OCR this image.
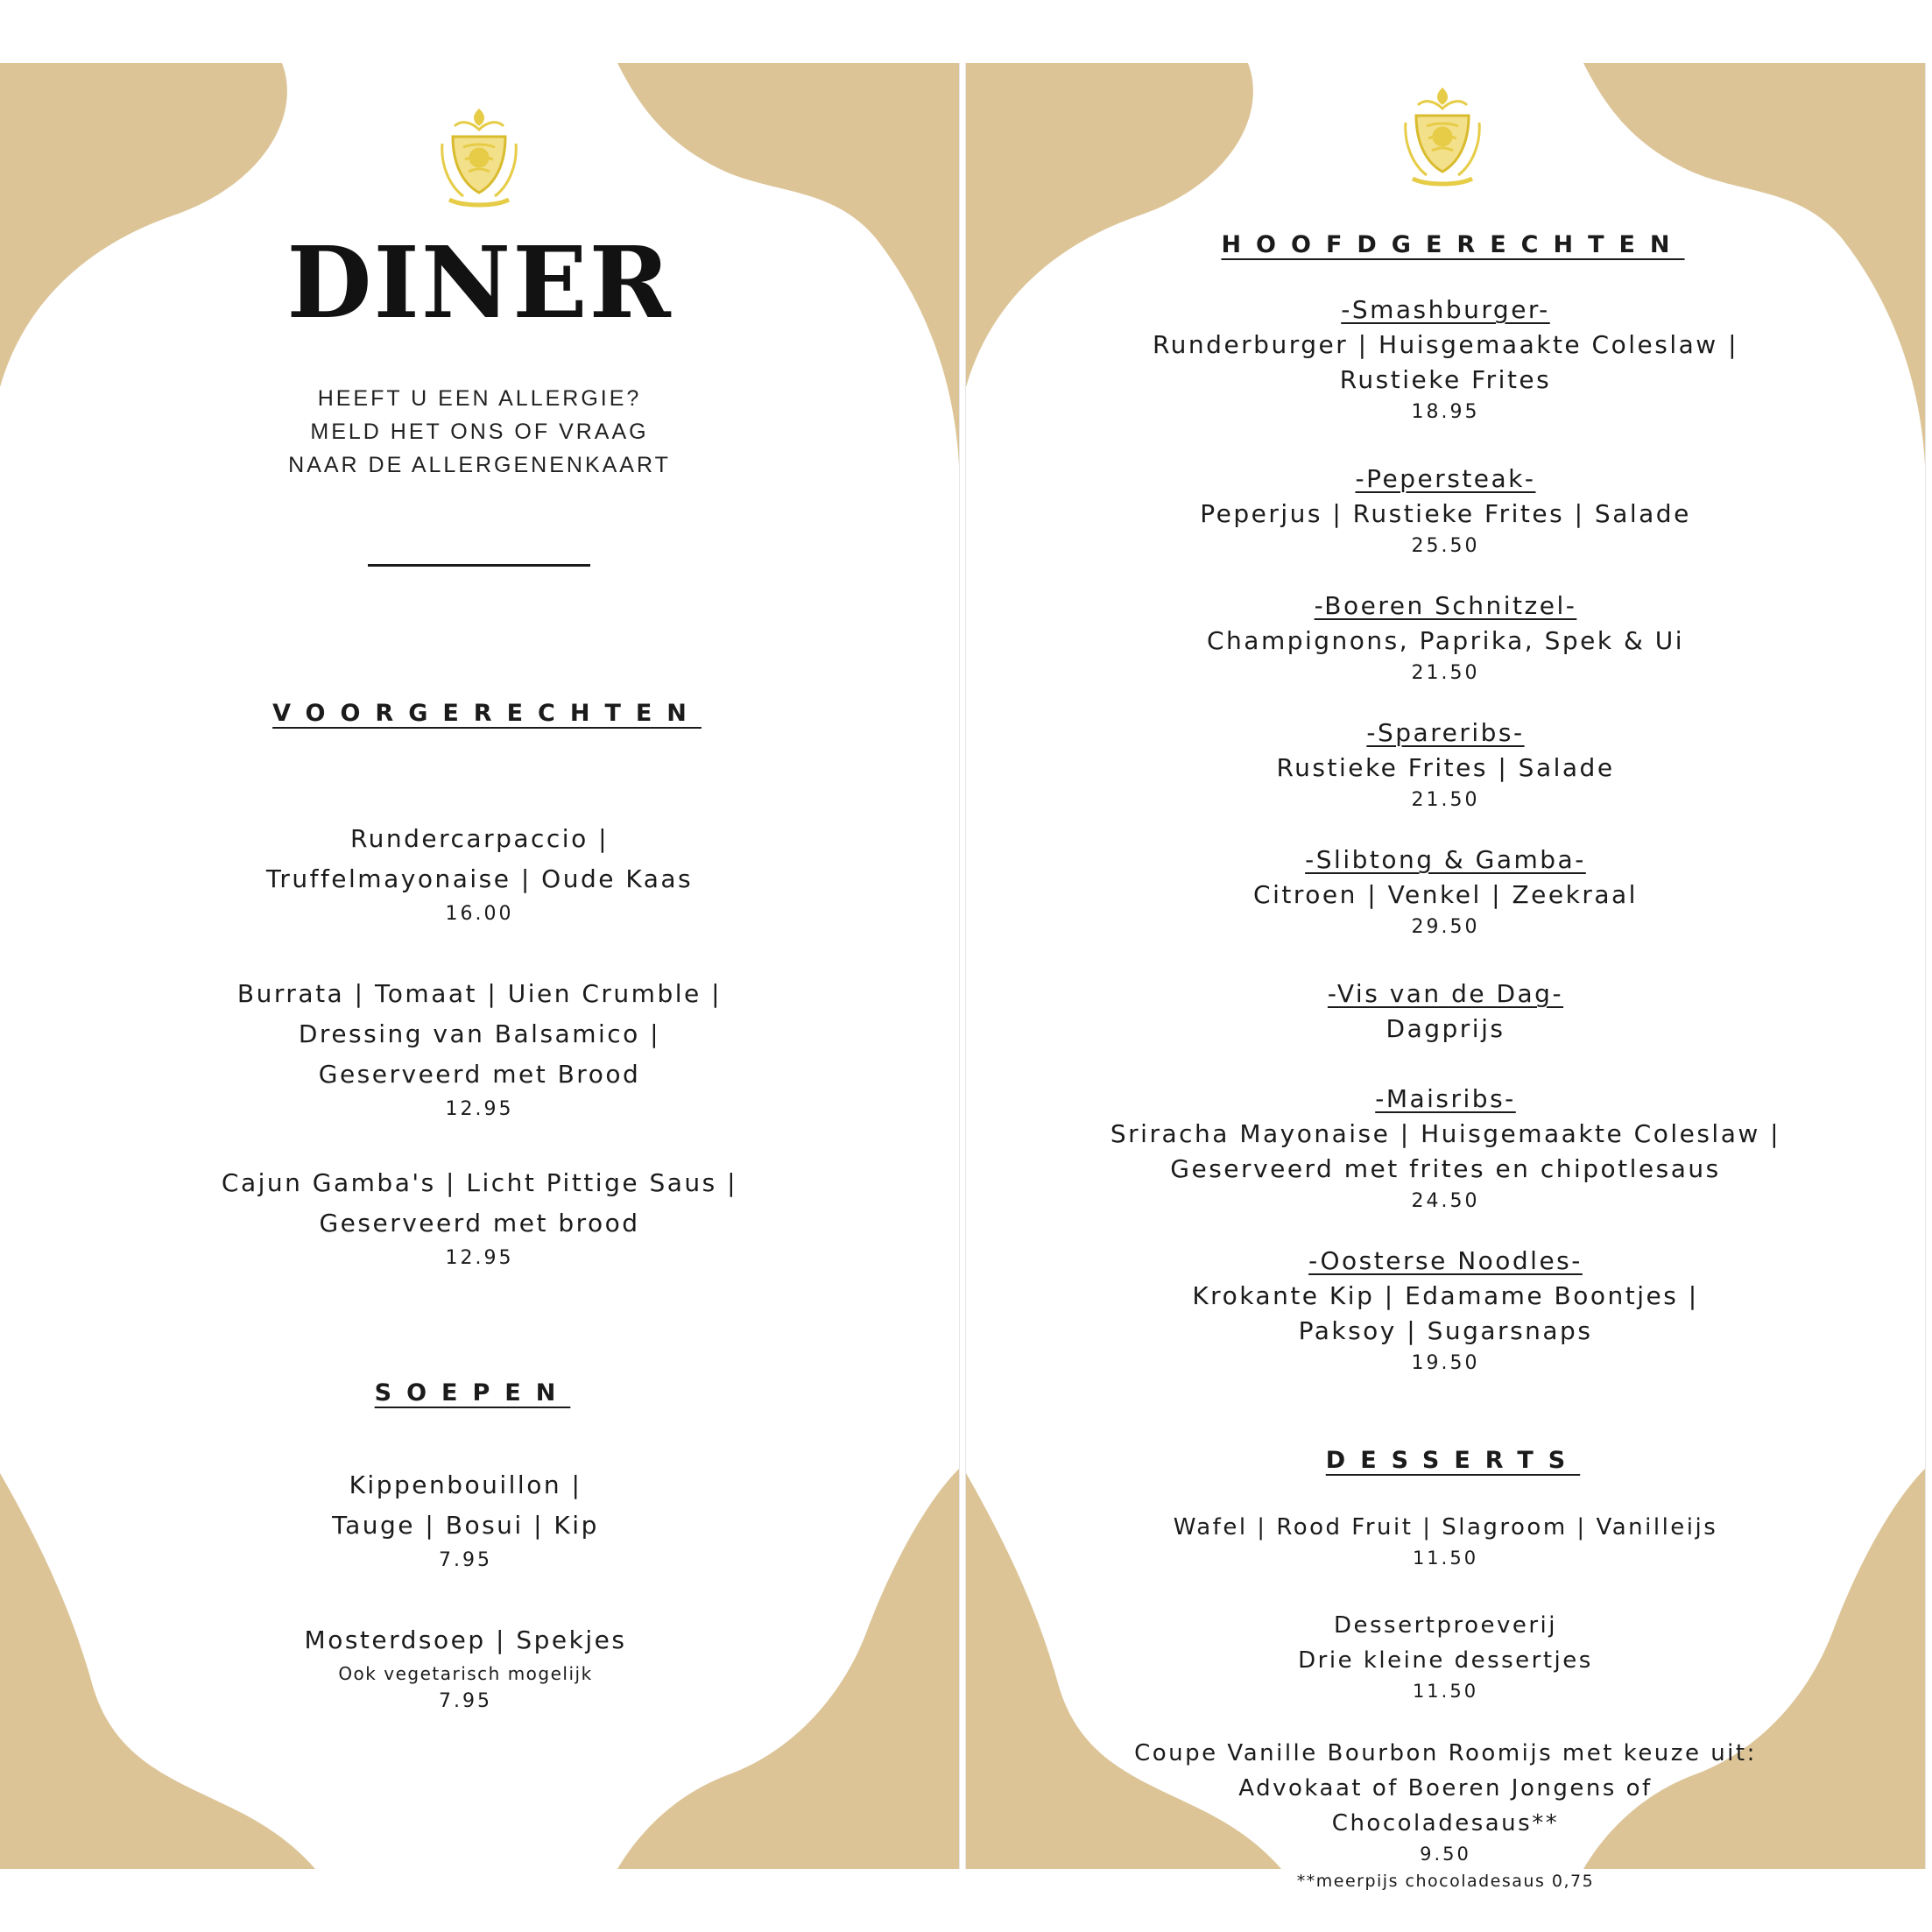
DINER
HEEFT U EEN ALLERGIE?
MELD HET ONS OF VRAAG
NAAR DE ALLERGENENKAART
VOORGERECHTEN
Rundercarpaccio |
Truffelmayonaise | Oude Kaas
16.00
Burrata | Tomaat | Uien Crumble |
Dressing van Balsamico |
Geserveerd met Brood
12.95
Cajun Gamba's | Licht Pittige Saus |
Geserveerd met brood
12.95
SOEPEN
Kippenbouillon |
Tauge | Bosui | Kip
7.95
Mosterdsoep | Spekjes
Ook vegetarisch mogelijk
7.95
HOOFDGERECHTEN
-Smashburger-
Runderburger | Huisgemaakte Coleslaw |
Rustieke Frites
18.95
-Pepersteak-
Peperjus | Rustieke Frites | Salade
25.50
-Boeren Schnitzel-
Champignons, Paprika, Spek & Ui
21.50
-Spareribs-
Rustieke Frites | Salade
21.50
-Slibtong & Gamba-
Citroen | Venkel | Zeekraal
29.50
-Vis van de Dag-
Dagprijs
-Maisribs-
Sriracha Mayonaise | Huisgemaakte Coleslaw |
Geserveerd met frites en chipotlesaus
24.50
-Oosterse Noodles-
Krokante Kip | Edamame Boontjes |
Paksoy | Sugarsnaps
19.50
DESSERTS
Wafel | Rood Fruit | Slagroom | Vanilleijs
11.50
Dessertproeverij
Drie kleine dessertjes
11.50
Coupe Vanille Bourbon Roomijs met keuze uit:
Advokaat of Boeren Jongens of
Chocoladesaus**
9.50
**meerpijs chocoladesaus 0,75
